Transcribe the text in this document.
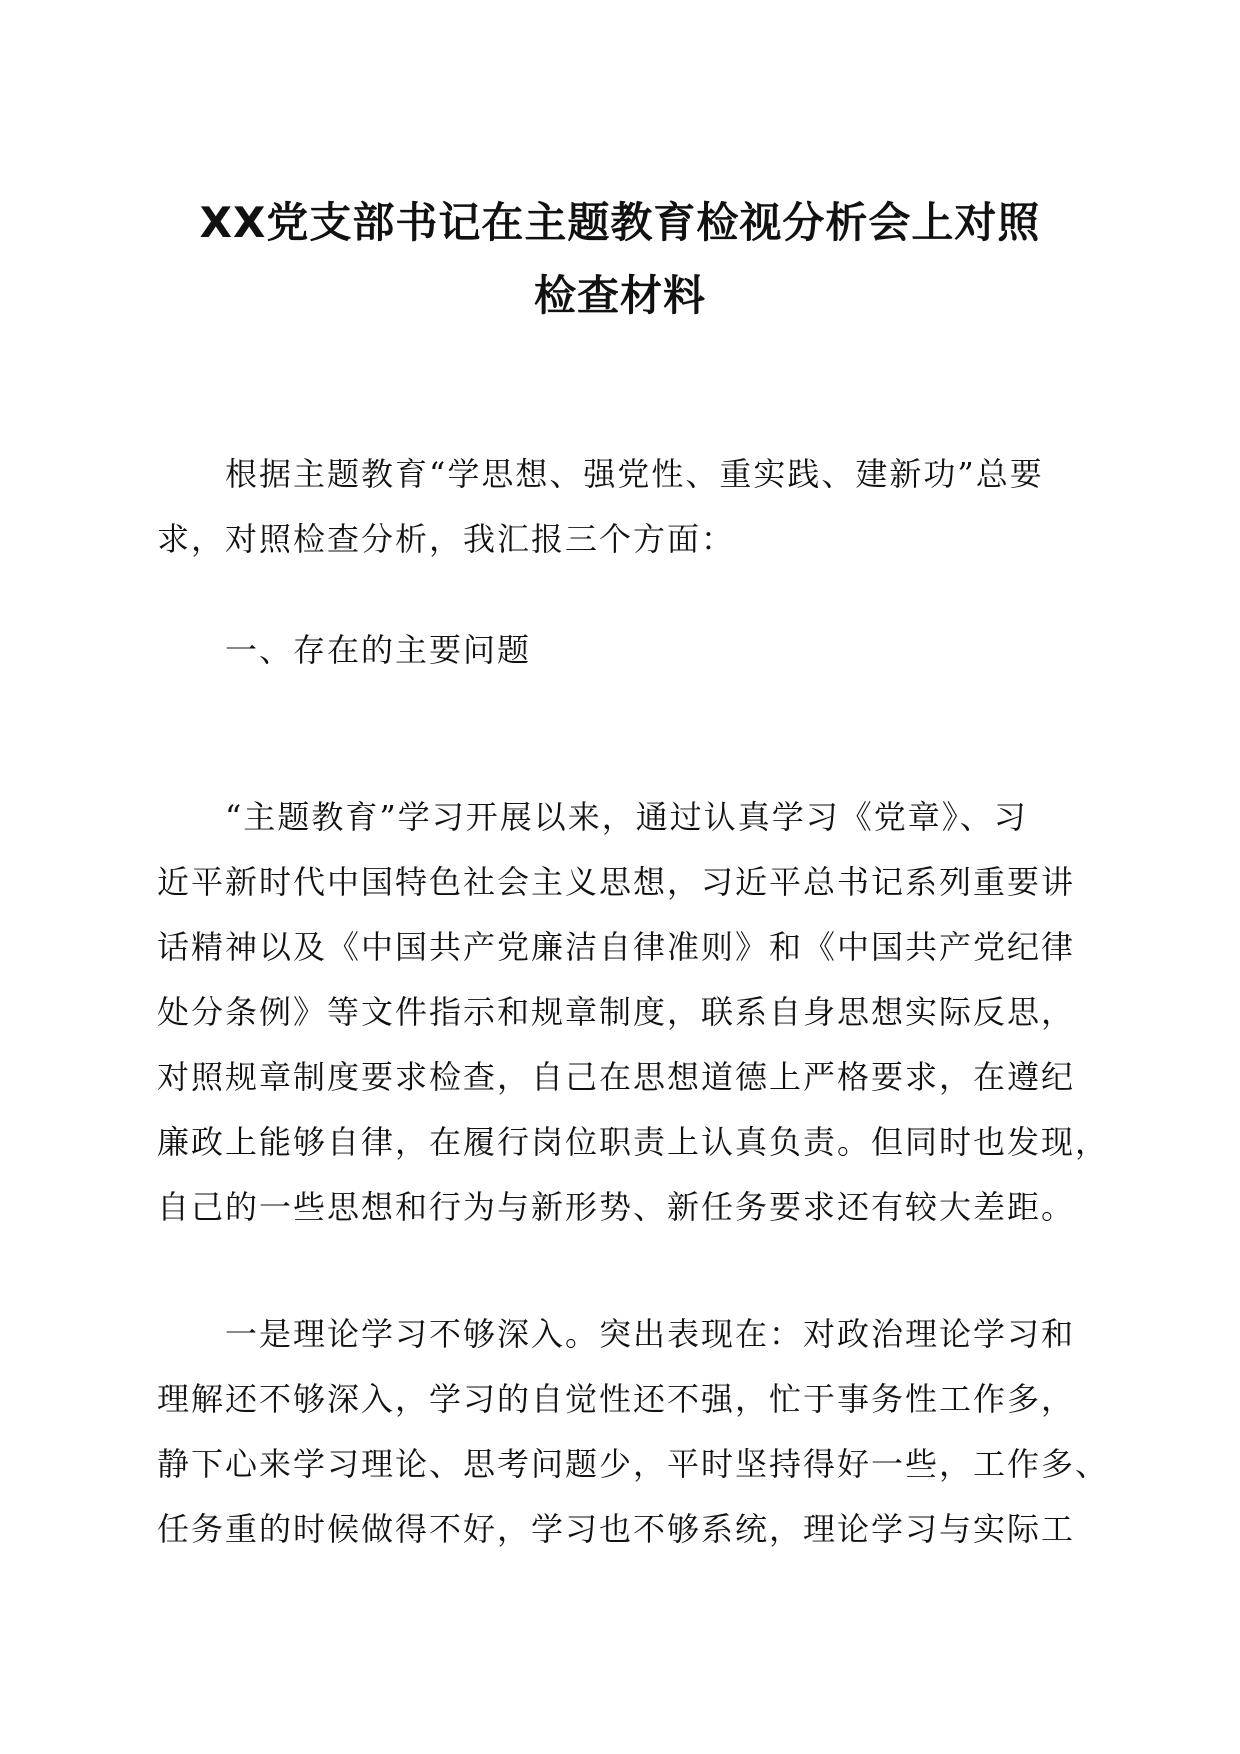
XX党支部书记在主题教育检视分析会上对照
检查材料
根据主题教育“学思想、强党性、重实践、建新功”总要
求，对照检查分析，我汇报三个方面：
一、存在的主要问题
“主题教育”学习开展以来，通过认真学习《党章》、习
近平新时代中国特色社会主义思想，习近平总书记系列重要讲
话精神以及《中国共产党廉洁自律准则》和《中国共产党纪律
处分条例》等文件指示和规章制度，联系自身思想实际反思，
对照规章制度要求检查，自己在思想道德上严格要求，在遵纪
廉政上能够自律，在履行岗位职责上认真负责。但同时也发现，
自己的一些思想和行为与新形势、新任务要求还有较大差距。
一是理论学习不够深入。突出表现在：对政治理论学习和
理解还不够深入，学习的自觉性还不强，忙于事务性工作多，
静下心来学习理论、思考问题少，平时坚持得好一些，工作多、
任务重的时候做得不好，学习也不够系统，理论学习与实际工
